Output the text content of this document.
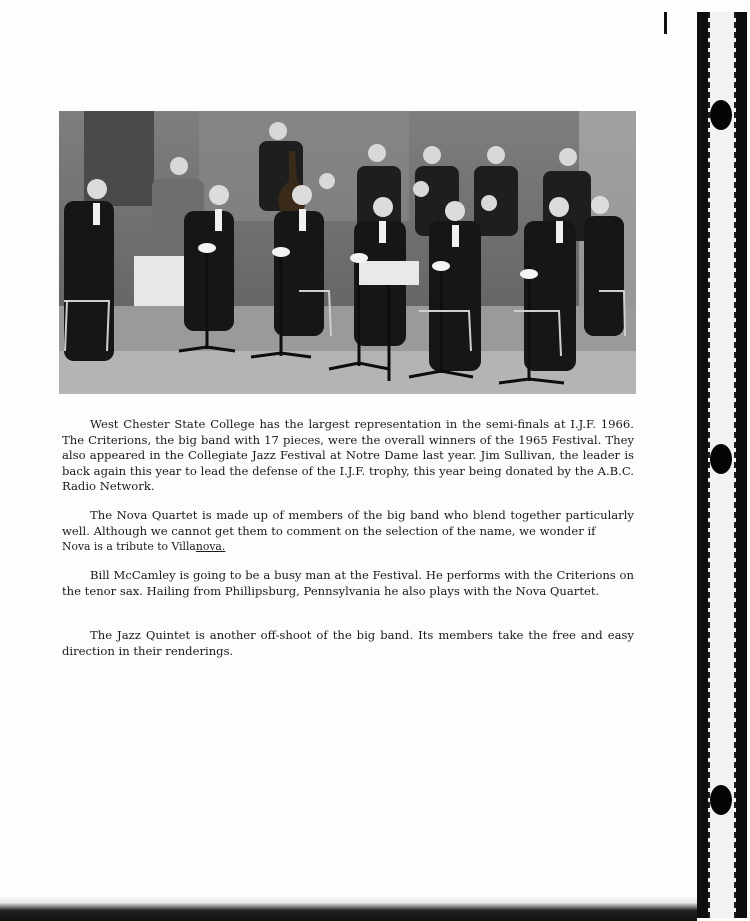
West Chester State College has the largest representation in the semi-finals at I.J.F. 1966. The Criterions, the big band with 17 pieces, were the overall winners of the 1965 Festival. They also appeared in the Collegiate Jazz Festival at Notre Dame last year. Jim Sullivan, the leader is back again this year to lead the defense of the I.J.F. trophy, this year being donated by the A.B.C. Radio Network.

The Nova Quartet is made up of members of the big band who blend together particularly well. Although we cannot get them to comment on the selection of the name, we wonder if
Nova is a tribute to Villanova.

Bill McCamley is going to be a busy man at the Festival. He performs with the Criterions on the tenor sax. Hailing from Phillipsburg, Pennsylvania he also plays with the Nova Quartet.

The Jazz Quintet is another off-shoot of the big band. Its members take the free and easy direction in their renderings.
